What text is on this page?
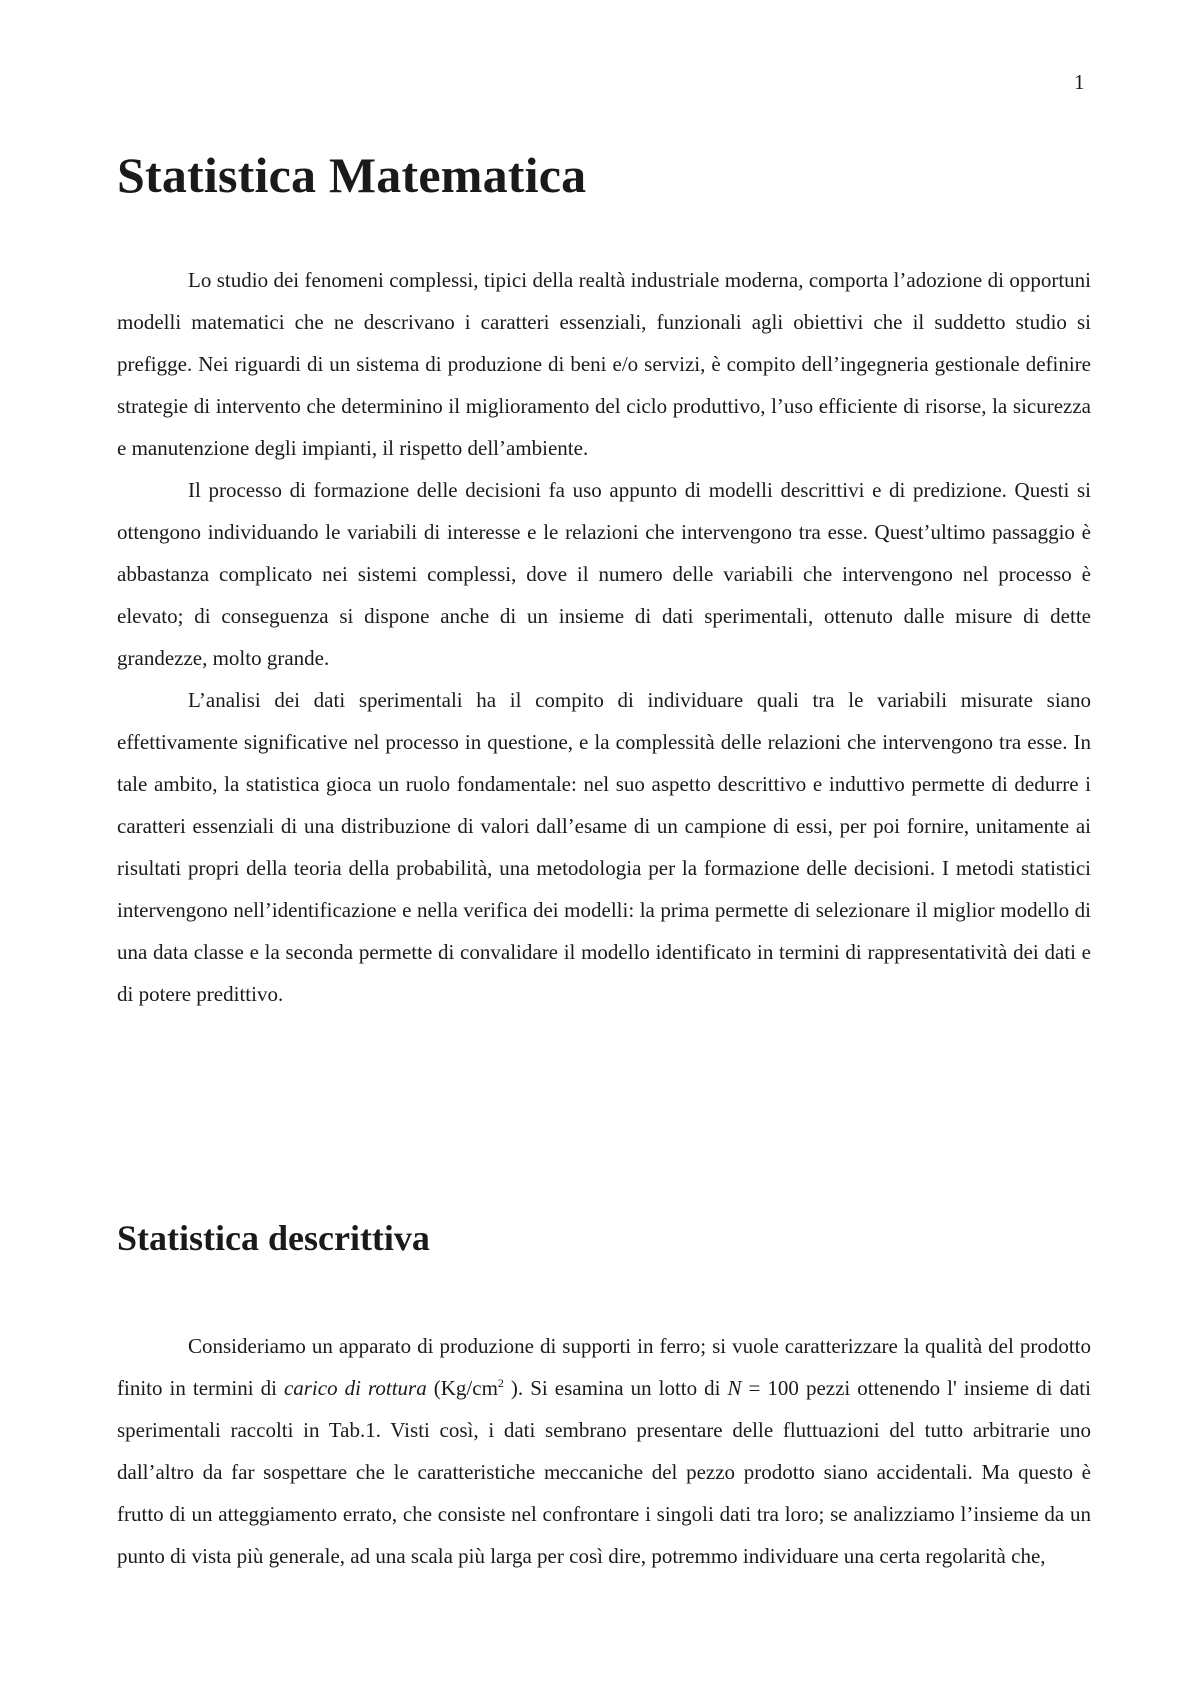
1
Statistica Matematica

Lo studio dei fenomeni complessi, tipici della realtà industriale moderna, comporta l’adozione di opportuni modelli matematici che ne descrivano i caratteri essenziali, funzionali agli obiettivi che il suddetto studio si prefigge. Nei riguardi di un sistema di produzione di beni e/o servizi, è compito dell’ingegneria gestionale definire strategie di intervento che determinino il miglioramento del ciclo produttivo, l’uso efficiente di risorse, la sicurezza e manutenzione degli impianti, il rispetto dell’ambiente.

Il processo di formazione delle decisioni fa uso appunto di modelli descrittivi e di predizione. Questi si ottengono individuando le variabili di interesse e le relazioni che intervengono tra esse. Quest’ultimo passaggio è abbastanza complicato nei sistemi complessi, dove il numero delle variabili che intervengono nel processo è elevato; di conseguenza si dispone anche di un insieme di dati sperimentali, ottenuto dalle misure di dette grandezze, molto grande.

L’analisi dei dati sperimentali ha il compito di individuare quali tra le variabili misurate siano effettivamente significative nel processo in questione, e la complessità delle relazioni che intervengono tra esse. In tale ambito, la statistica gioca un ruolo fondamentale: nel suo aspetto descrittivo e induttivo permette di dedurre i caratteri essenziali di una distribuzione di valori dall’esame di un campione di essi, per poi fornire, unitamente ai risultati propri della teoria della probabilità, una metodologia per la formazione delle decisioni. I metodi statistici intervengono nell’identificazione e nella verifica dei modelli: la prima permette di selezionare il miglior modello di una data classe e la seconda permette di convalidare il modello identificato in termini di rappresentatività dei dati e di potere predittivo.

Statistica descrittiva

Consideriamo un apparato di produzione di supporti in ferro; si vuole caratterizzare la qualità del prodotto finito in termini di carico di rottura ($Kg/cm^2$ ). Si esamina un lotto di N = 100 pezzi ottenendo l' insieme di dati sperimentali raccolti in Tab.1. Visti così, i dati sembrano presentare delle fluttuazioni del tutto arbitrarie uno dall’altro da far sospettare che le caratteristiche meccaniche del pezzo prodotto siano accidentali. Ma questo è frutto di un atteggiamento errato, che consiste nel confrontare i singoli dati tra loro; se analizziamo l’insieme da un punto di vista più generale, ad una scala più larga per così dire, potremmo individuare una certa regolarità che,
